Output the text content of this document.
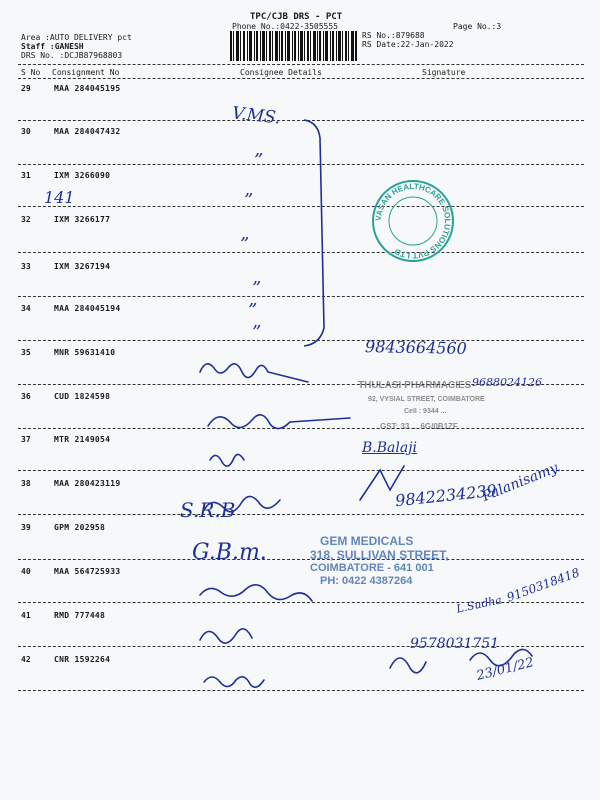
TPC/CJB DRS - PCT
Phone No.:0422-3505555	Page No.:3
Area :AUTO DELIVERY pct
Staff :GANESH
DRS No. :DCJB87968803
RS No.:879688
RS Date:22-Jan-2022
S No Consignment No	Consignee Details	Signature
29	MAA 284045195
30	MAA 284047432
31	IXM 3266090
32	IXM 3266177
33	IXM 3267194
34	MAA 284045194
35	MNR 59631410
36	CUD 1824598
37	MTR 2149054
38	MAA 280423119
39	GPM 202958
40	MAA 564725933
41	RMD 777448
42	CNR 1592264
V.MS.
”
141	”
”
”
”
”
VASAN HEALTHCARE SOLUTIONS PVT LTD
9843664560
B.Balaji
9842234239
Palanisamy.
S.R.B
G.B.m.
9150318418
L.Sudha
9578031751
23/01/22
THULASI PHARMACIES 9688024126
92, VYSIAL STREET, COIMBATORE
Cell : 9344 ...
GST: 33 ... 6G/0B1ZF
GEM MEDICALS
318, SULLIVAN STREET,
COIMBATORE - 641 001
PH: 0422 4387264
